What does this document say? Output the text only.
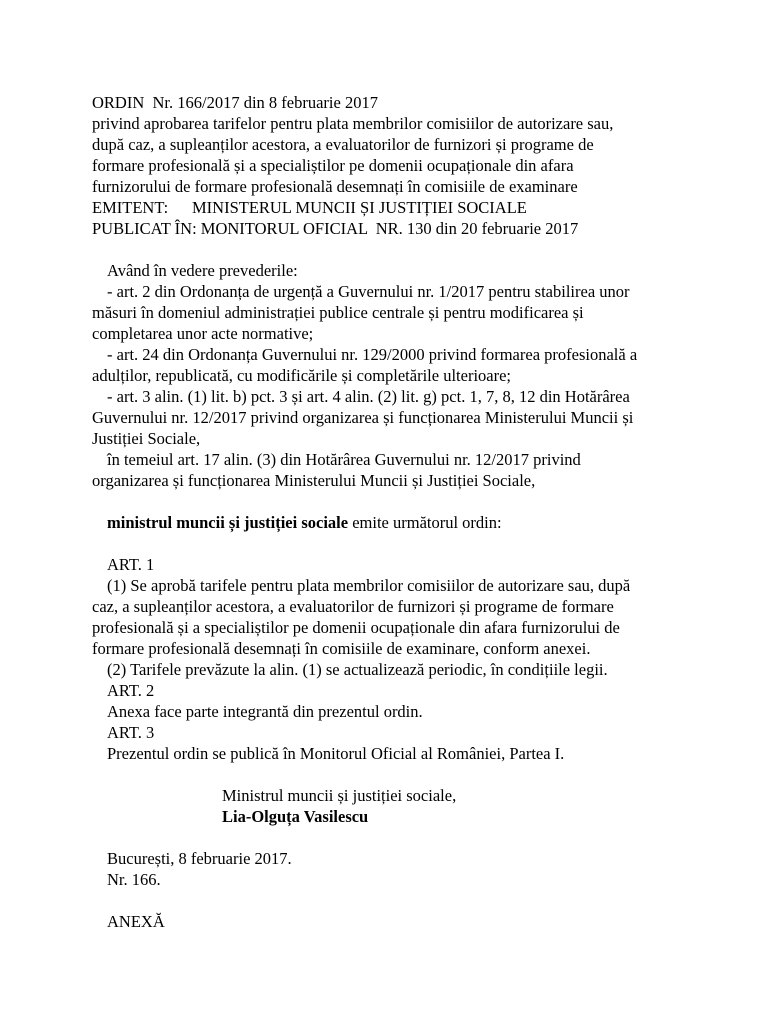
ORDIN  Nr. 166/2017 din 8 februarie 2017
privind aprobarea tarifelor pentru plata membrilor comisiilor de autorizare sau,
după caz, a supleanților acestora, a evaluatorilor de furnizori și programe de
formare profesională și a specialiștilor pe domenii ocupaționale din afara
furnizorului de formare profesională desemnați în comisiile de examinare
EMITENT: MINISTERUL MUNCII ȘI JUSTIȚIEI SOCIALE
PUBLICAT ÎN: MONITORUL OFICIAL  NR. 130 din 20 februarie 2017
Având în vedere prevederile:
- art. 2 din Ordonanța de urgență a Guvernului nr. 1/2017 pentru stabilirea unor
măsuri în domeniul administrației publice centrale și pentru modificarea și
completarea unor acte normative;
- art. 24 din Ordonanța Guvernului nr. 129/2000 privind formarea profesională a
adulților, republicată, cu modificările și completările ulterioare;
- art. 3 alin. (1) lit. b) pct. 3 și art. 4 alin. (2) lit. g) pct. 1, 7, 8, 12 din Hotărârea
Guvernului nr. 12/2017 privind organizarea și funcționarea Ministerului Muncii și
Justiției Sociale,
în temeiul art. 17 alin. (3) din Hotărârea Guvernului nr. 12/2017 privind
organizarea și funcționarea Ministerului Muncii și Justiției Sociale,
ministrul muncii și justiției sociale emite următorul ordin:
ART. 1
(1) Se aprobă tarifele pentru plata membrilor comisiilor de autorizare sau, după
caz, a supleanților acestora, a evaluatorilor de furnizori și programe de formare
profesională și a specialiștilor pe domenii ocupaționale din afara furnizorului de
formare profesională desemnați în comisiile de examinare, conform anexei.
(2) Tarifele prevăzute la alin. (1) se actualizează periodic, în condițiile legii.
ART. 2
Anexa face parte integrantă din prezentul ordin.
ART. 3
Prezentul ordin se publică în Monitorul Oficial al României, Partea I.
Ministrul muncii și justiției sociale,
Lia-Olguța Vasilescu
București, 8 februarie 2017.
Nr. 166.
ANEXĂ
